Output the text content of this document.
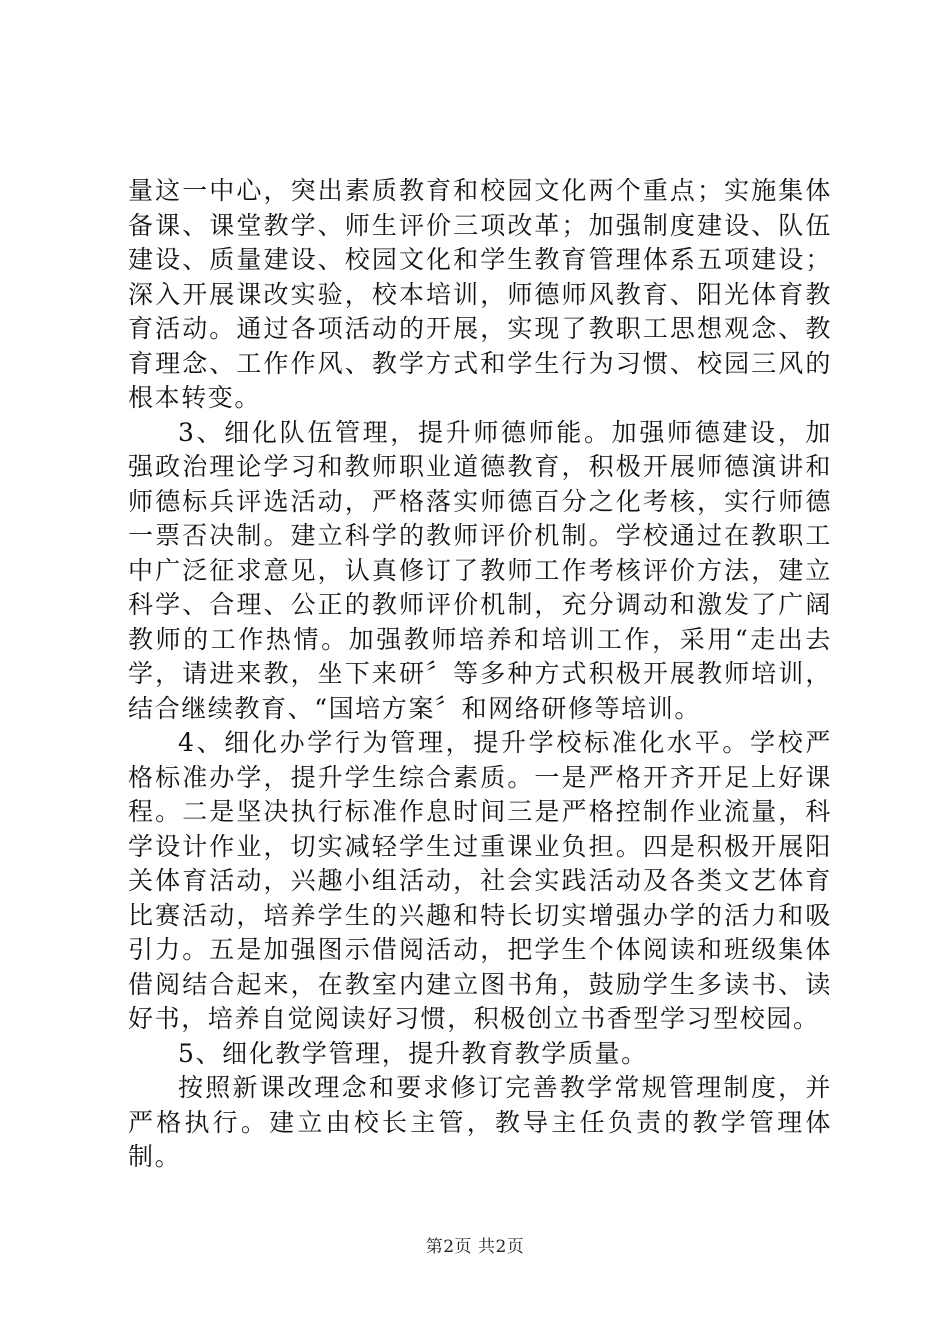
量这一中心，突出素质教育和校园文化两个重点；实施集体备课、课堂教学、师生评价三项改革；加强制度建设、队伍建设、质量建设、校园文化和学生教育管理体系五项建设；深入开展课改实验，校本培训，师德师风教育、阳光体育教育活动。通过各项活动的开展，实现了教职工思想观念、教育理念、工作作风、教学方式和学生行为习惯、校园三风的根本转变。

3、细化队伍管理，提升师德师能。加强师德建设，加强政治理论学习和教师职业道德教育，积极开展师德演讲和师德标兵评选活动，严格落实师德百分之化考核，实行师德一票否决制。建立科学的教师评价机制。学校通过在教职工中广泛征求意见，认真修订了教师工作考核评价方法，建立科学、合理、公正的教师评价机制，充分调动和激发了广阔教师的工作热情。加强教师培养和培训工作，采用“走出去学，请进来教，坐下来研〞等多种方式积极开展教师培训，结合继续教育、“国培方案〞和网络研修等培训。

4、细化办学行为管理，提升学校标准化水平。学校严格标准办学，提升学生综合素质。一是严格开齐开足上好课程。二是坚决执行标准作息时间三是严格控制作业流量，科学设计作业，切实减轻学生过重课业负担。四是积极开展阳关体育活动，兴趣小组活动，社会实践活动及各类文艺体育比赛活动，培养学生的兴趣和特长切实增强办学的活力和吸引力。五是加强图示借阅活动，把学生个体阅读和班级集体借阅结合起来，在教室内建立图书角，鼓励学生多读书、读好书，培养自觉阅读好习惯，积极创立书香型学习型校园。

5、细化教学管理，提升教育教学质量。

按照新课改理念和要求修订完善教学常规管理制度，并严格执行。建立由校长主管，教导主任负责的教学管理体制。

第2页 共2页
